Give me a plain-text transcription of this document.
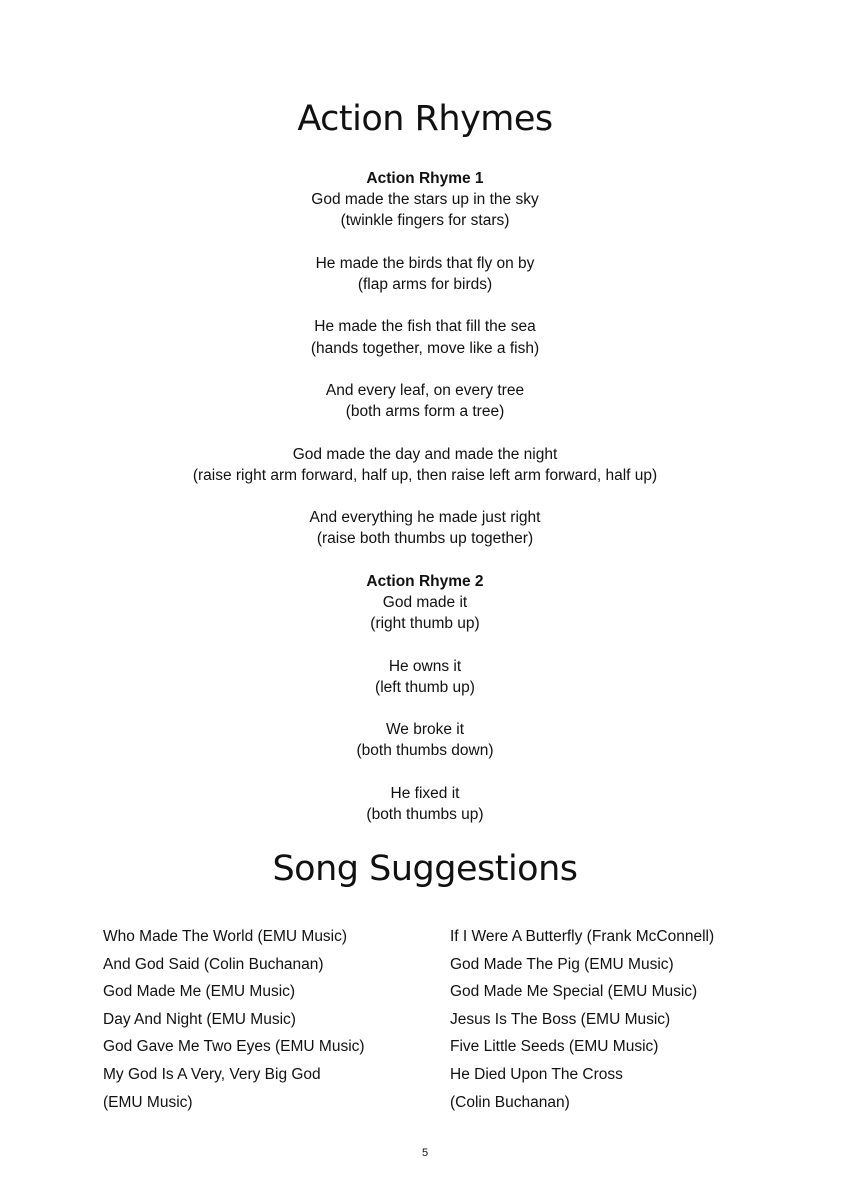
Action Rhymes

Action Rhyme 1

God made the stars up in the sky
(twinkle fingers for stars)

He made the birds that fly on by
(flap arms for birds)

He made the fish that fill the sea
(hands together, move like a fish)

And every leaf, on every tree
(both arms form a tree)

God made the day and made the night
(raise right arm forward, half up, then raise left arm forward, half up)

And everything he made just right
(raise both thumbs up together)

Action Rhyme 2

God made it
(right thumb up)

He owns it
(left thumb up)

We broke it
(both thumbs down)

He fixed it
(both thumbs up)

Song Suggestions
Who Made The World (EMU Music)
And God Said (Colin Buchanan)
God Made Me (EMU Music)
Day And Night (EMU Music)
God Gave Me Two Eyes (EMU Music)
My God Is A Very, Very Big God
(EMU Music)
If I Were A Butterfly (Frank McConnell)
God Made The Pig (EMU Music)
God Made Me Special (EMU Music)
Jesus Is The Boss (EMU Music)
Five Little Seeds (EMU Music)
He Died Upon The Cross
(Colin Buchanan)
5
